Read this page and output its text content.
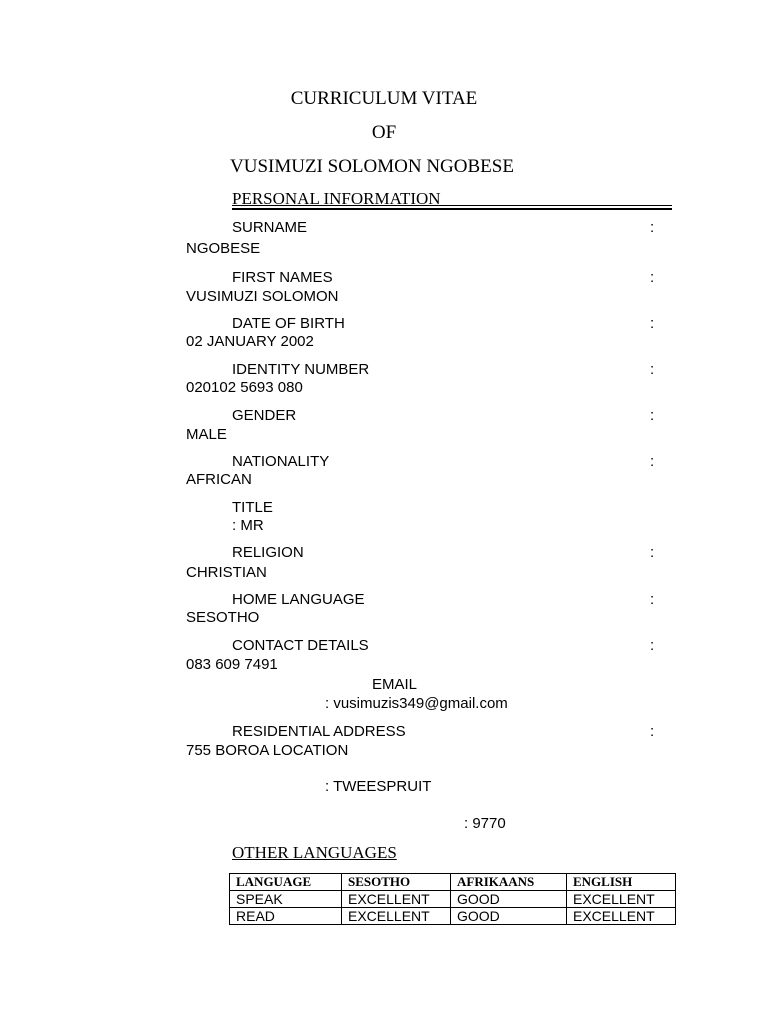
CURRICULUM VITAE
OF
VUSIMUZI SOLOMON NGOBESE
PERSONAL INFORMATION
SURNAME	:
NGOBESE
FIRST NAMES	:
VUSIMUZI SOLOMON
DATE OF BIRTH	:
02 JANUARY 2002
IDENTITY NUMBER	:
020102 5693 080
GENDER	:
MALE
NATIONALITY	:
AFRICAN
TITLE
: MR
RELIGION	:
CHRISTIAN
HOME LANGUAGE	:
SESOTHO
CONTACT DETAILS	:
083 609 7491
EMAIL
: vusimuzis349@gmail.com
RESIDENTIAL ADDRESS	:
755 BOROA LOCATION
: TWEESPRUIT
: 9770
OTHER LANGUAGES
LANGUAGE	SESOTHO	AFRIKAANS	ENGLISH
SPEAK	EXCELLENT	GOOD	EXCELLENT
READ	EXCELLENT	GOOD	EXCELLENT
